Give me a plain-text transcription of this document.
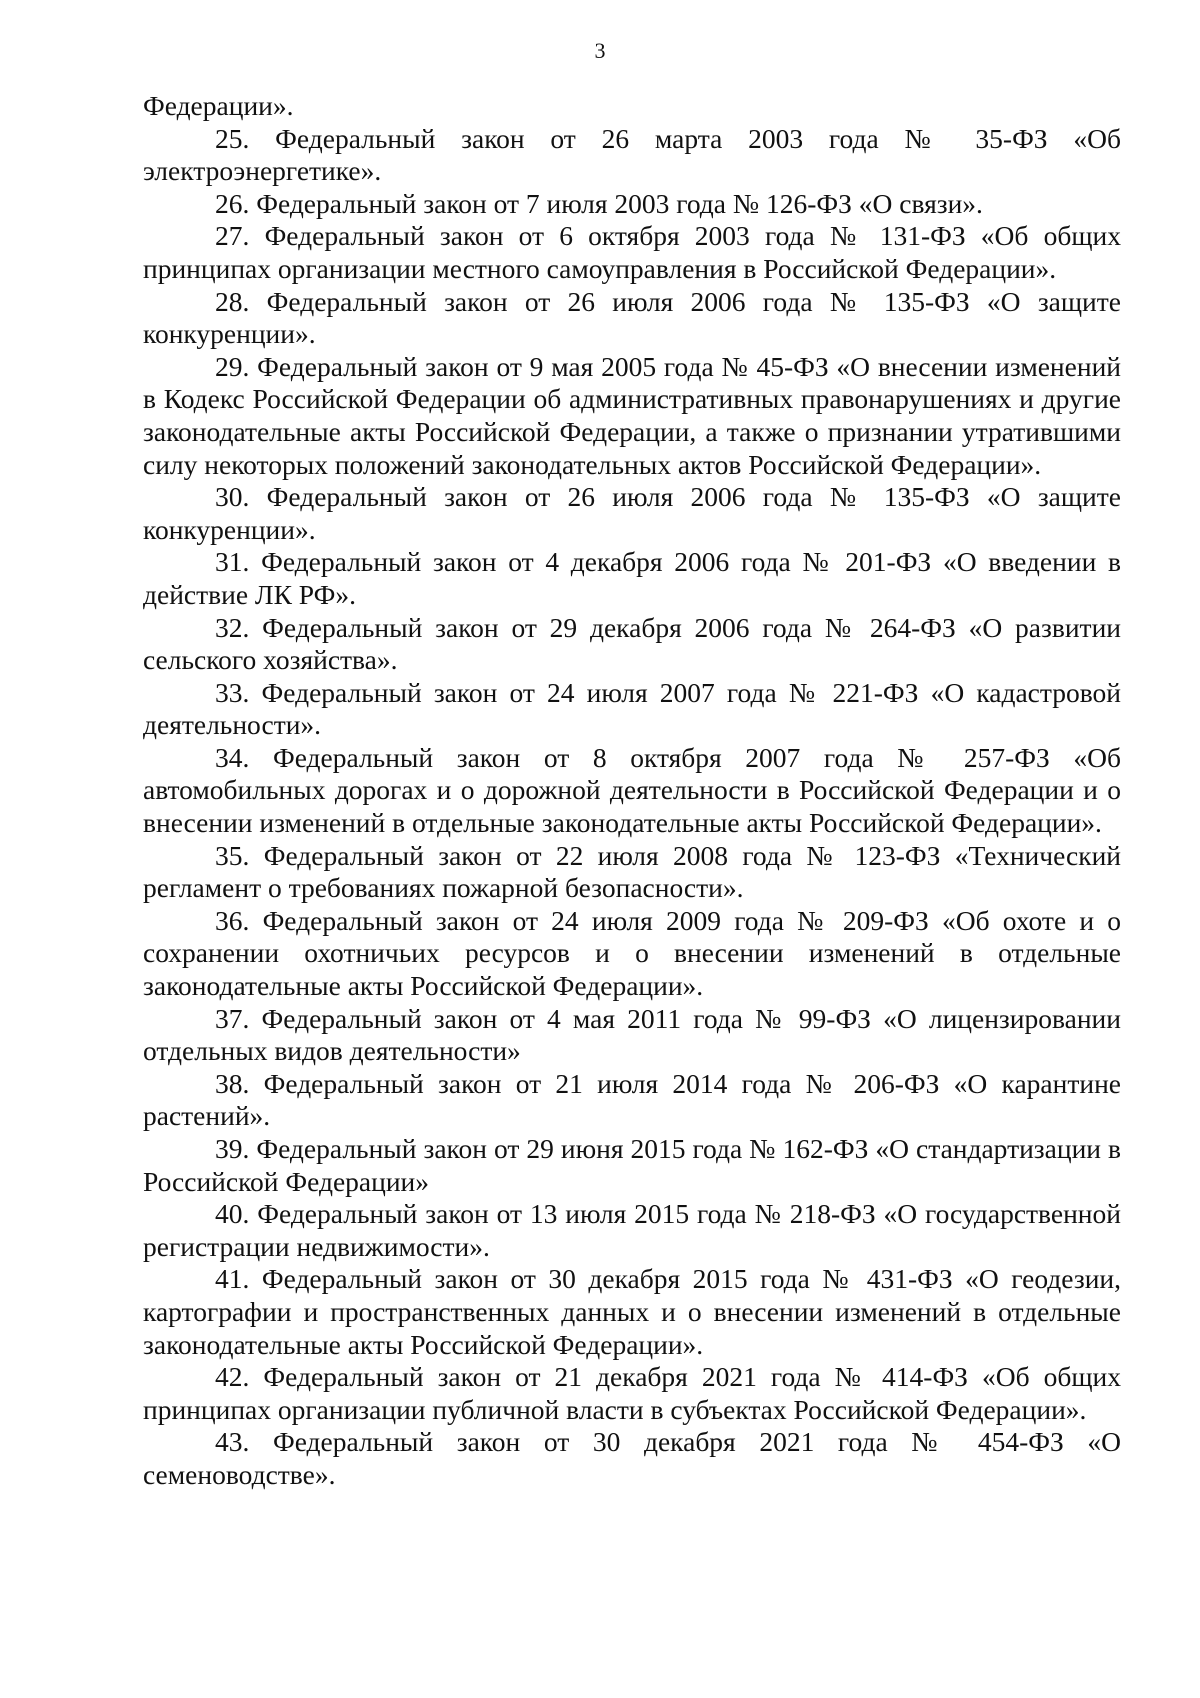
3

Федерации».

25. Федеральный закон от 26 марта 2003 года № 35-ФЗ «Об электроэнергетике».

26. Федеральный закон от 7 июля 2003 года № 126-ФЗ «О связи».

27. Федеральный закон от 6 октября 2003 года № 131-ФЗ «Об общих принципах организации местного самоуправления в Российской Федерации».

28. Федеральный закон от 26 июля 2006 года № 135-ФЗ «О защите конкуренции».

29. Федеральный закон от 9 мая 2005 года № 45-ФЗ «О внесении изменений в Кодекс Российской Федерации об административных правонарушениях и другие законодательные акты Российской Федерации, а также о признании утратившими силу некоторых положений законодательных актов Российской Федерации».

30. Федеральный закон от 26 июля 2006 года № 135-ФЗ «О защите конкуренции».

31. Федеральный закон от 4 декабря 2006 года № 201-ФЗ «О введении в действие ЛК РФ».

32. Федеральный закон от 29 декабря 2006 года № 264-ФЗ «О развитии сельского хозяйства».

33. Федеральный закон от 24 июля 2007 года № 221-ФЗ «О кадастровой деятельности».

34. Федеральный закон от 8 октября 2007 года № 257-ФЗ «Об автомобильных дорогах и о дорожной деятельности в Российской Федерации и о внесении изменений в отдельные законодательные акты Российской Федерации».

35. Федеральный закон от 22 июля 2008 года № 123-ФЗ «Технический регламент о требованиях пожарной безопасности».

36. Федеральный закон от 24 июля 2009 года № 209-ФЗ «Об охоте и о сохранении охотничьих ресурсов и о внесении изменений в отдельные законодательные акты Российской Федерации».

37. Федеральный закон от 4 мая 2011 года № 99-ФЗ «О лицензировании отдельных видов деятельности»

38. Федеральный закон от 21 июля 2014 года № 206-ФЗ «О карантине растений».

39. Федеральный закон от 29 июня 2015 года № 162-ФЗ «О стандартизации в Российской Федерации»

40. Федеральный закон от 13 июля 2015 года № 218-ФЗ «О государственной регистрации недвижимости».

41. Федеральный закон от 30 декабря 2015 года № 431-ФЗ «О геодезии, картографии и пространственных данных и о внесении изменений в отдельные законодательные акты Российской Федерации».

42. Федеральный закон от 21 декабря 2021 года № 414-ФЗ «Об общих принципах организации публичной власти в субъектах Российской Федерации».

43. Федеральный закон от 30 декабря 2021 года № 454-ФЗ «О семеноводстве».
